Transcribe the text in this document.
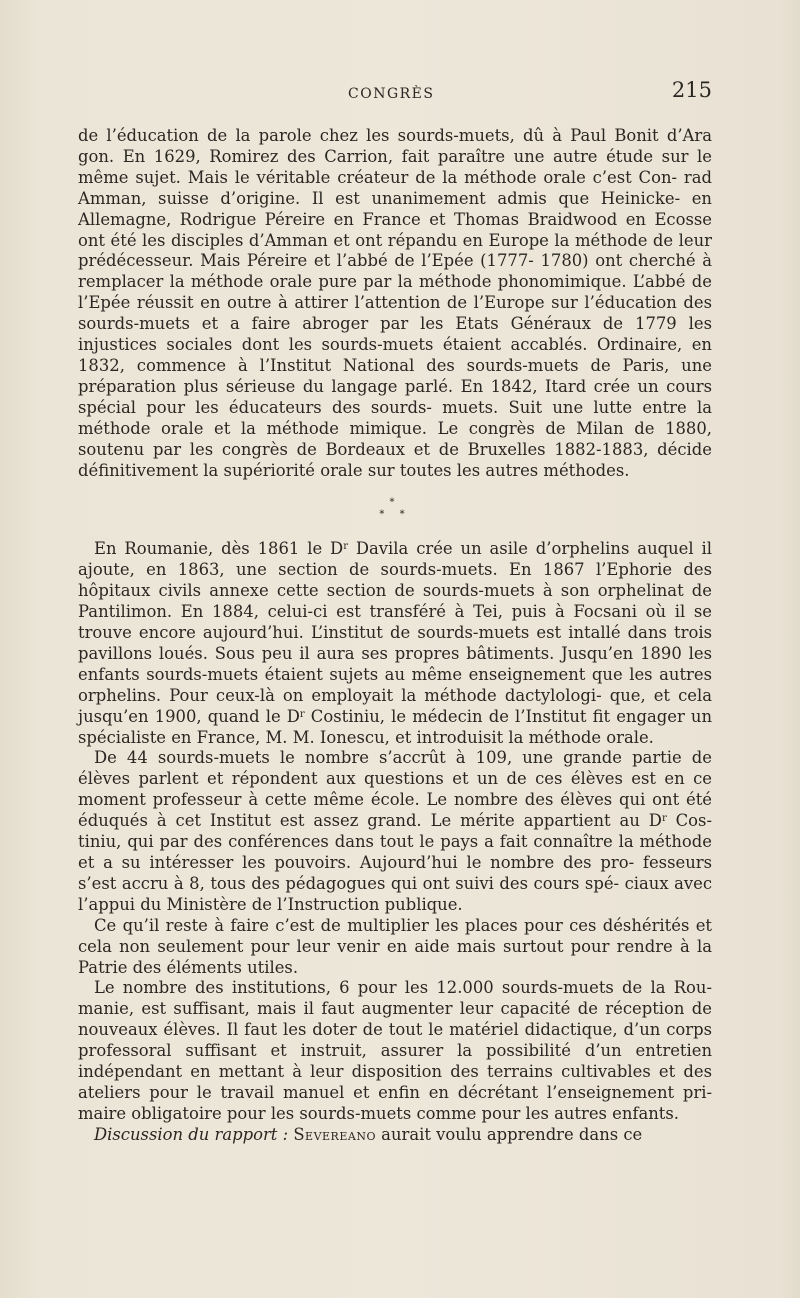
CONGRÈS	215

de l’éducation de la parole chez les sourds-muets, dû à Paul Bonit d’Ara gon. En 1629, Romirez des Carrion, fait paraître une autre étude sur le même sujet. Mais le véritable créateur de la méthode orale c’est Con- rad Amman, suisse d’origine. Il est unanimement admis que Heinicke- en Allemagne, Rodrigue Péreire en France et Thomas Braidwood en Ecosse ont été les disciples d’Amman et ont répandu en Europe la méthode de leur prédécesseur. Mais Péreire et l’abbé de l’Epée (1777- 1780) ont cherché à remplacer la méthode orale pure par la méthode phonomimique. L’abbé de l’Epée réussit en outre à attirer l’attention de l’Europe sur l’éducation des sourds-muets et a faire abroger par les Etats Généraux de 1779 les injustices sociales dont les sourds-muets étaient accablés. Ordinaire, en 1832, commence à l’Institut National des sourds-muets de Paris, une préparation plus sérieuse du langage parlé. En 1842, Itard crée un cours spécial pour les éducateurs des sourds- muets. Suit une lutte entre la méthode orale et la méthode mimique. Le congrès de Milan de 1880, soutenu par les congrès de Bordeaux et de Bruxelles 1882-1883, décide définitivement la supériorité orale sur toutes les autres méthodes.

*
* *

En Roumanie, dès 1861 le $D^r$ Davila crée un asile d’orphelins auquel il ajoute, en 1863, une section de sourds-muets. En 1867 l’Ephorie des hôpitaux civils annexe cette section de sourds-muets à son orphelinat de Pantilimon. En 1884, celui-ci est transféré à Tei, puis à Focsani où il se trouve encore aujourd’hui. L’institut de sourds-muets est intallé dans trois pavillons loués. Sous peu il aura ses propres bâtiments. Jusqu’en 1890 les enfants sourds-muets étaient sujets au même enseignement que les autres orphelins. Pour ceux-là on employait la méthode dactylologi- que, et cela jusqu’en 1900, quand le $D^r$ Costiniu, le médecin de l’Institut fit engager un spécialiste en France, M. M. Ionescu, et introduisit la méthode orale.

De 44 sourds-muets le nombre s’accrût à 109, une grande partie de élèves parlent et répondent aux questions et un de ces élèves est en ce moment professeur à cette même école. Le nombre des élèves qui ont été éduqués à cet Institut est assez grand. Le mérite appartient au $D^r$ Cos- tiniu, qui par des conférences dans tout le pays a fait connaître la méthode et a su intéresser les pouvoirs. Aujourd’hui le nombre des pro- fesseurs s’est accru à 8, tous des pédagogues qui ont suivi des cours spé- ciaux avec l’appui du Ministère de l’Instruction publique.

Ce qu’il reste à faire c’est de multiplier les places pour ces déshérités et cela non seulement pour leur venir en aide mais surtout pour rendre à la Patrie des éléments utiles.

Le nombre des institutions, 6 pour les 12.000 sourds-muets de la Rou- manie, est suffisant, mais il faut augmenter leur capacité de réception de nouveaux élèves. Il faut les doter de tout le matériel didactique, d’un corps professoral suffisant et instruit, assurer la possibilité d’un entretien indépendant en mettant à leur disposition des terrains cultivables et des ateliers pour le travail manuel et enfin en décrétant l’enseignement pri- maire obligatoire pour les sourds-muets comme pour les autres enfants.

Discussion du rapport : Severeano aurait voulu apprendre dans ce
